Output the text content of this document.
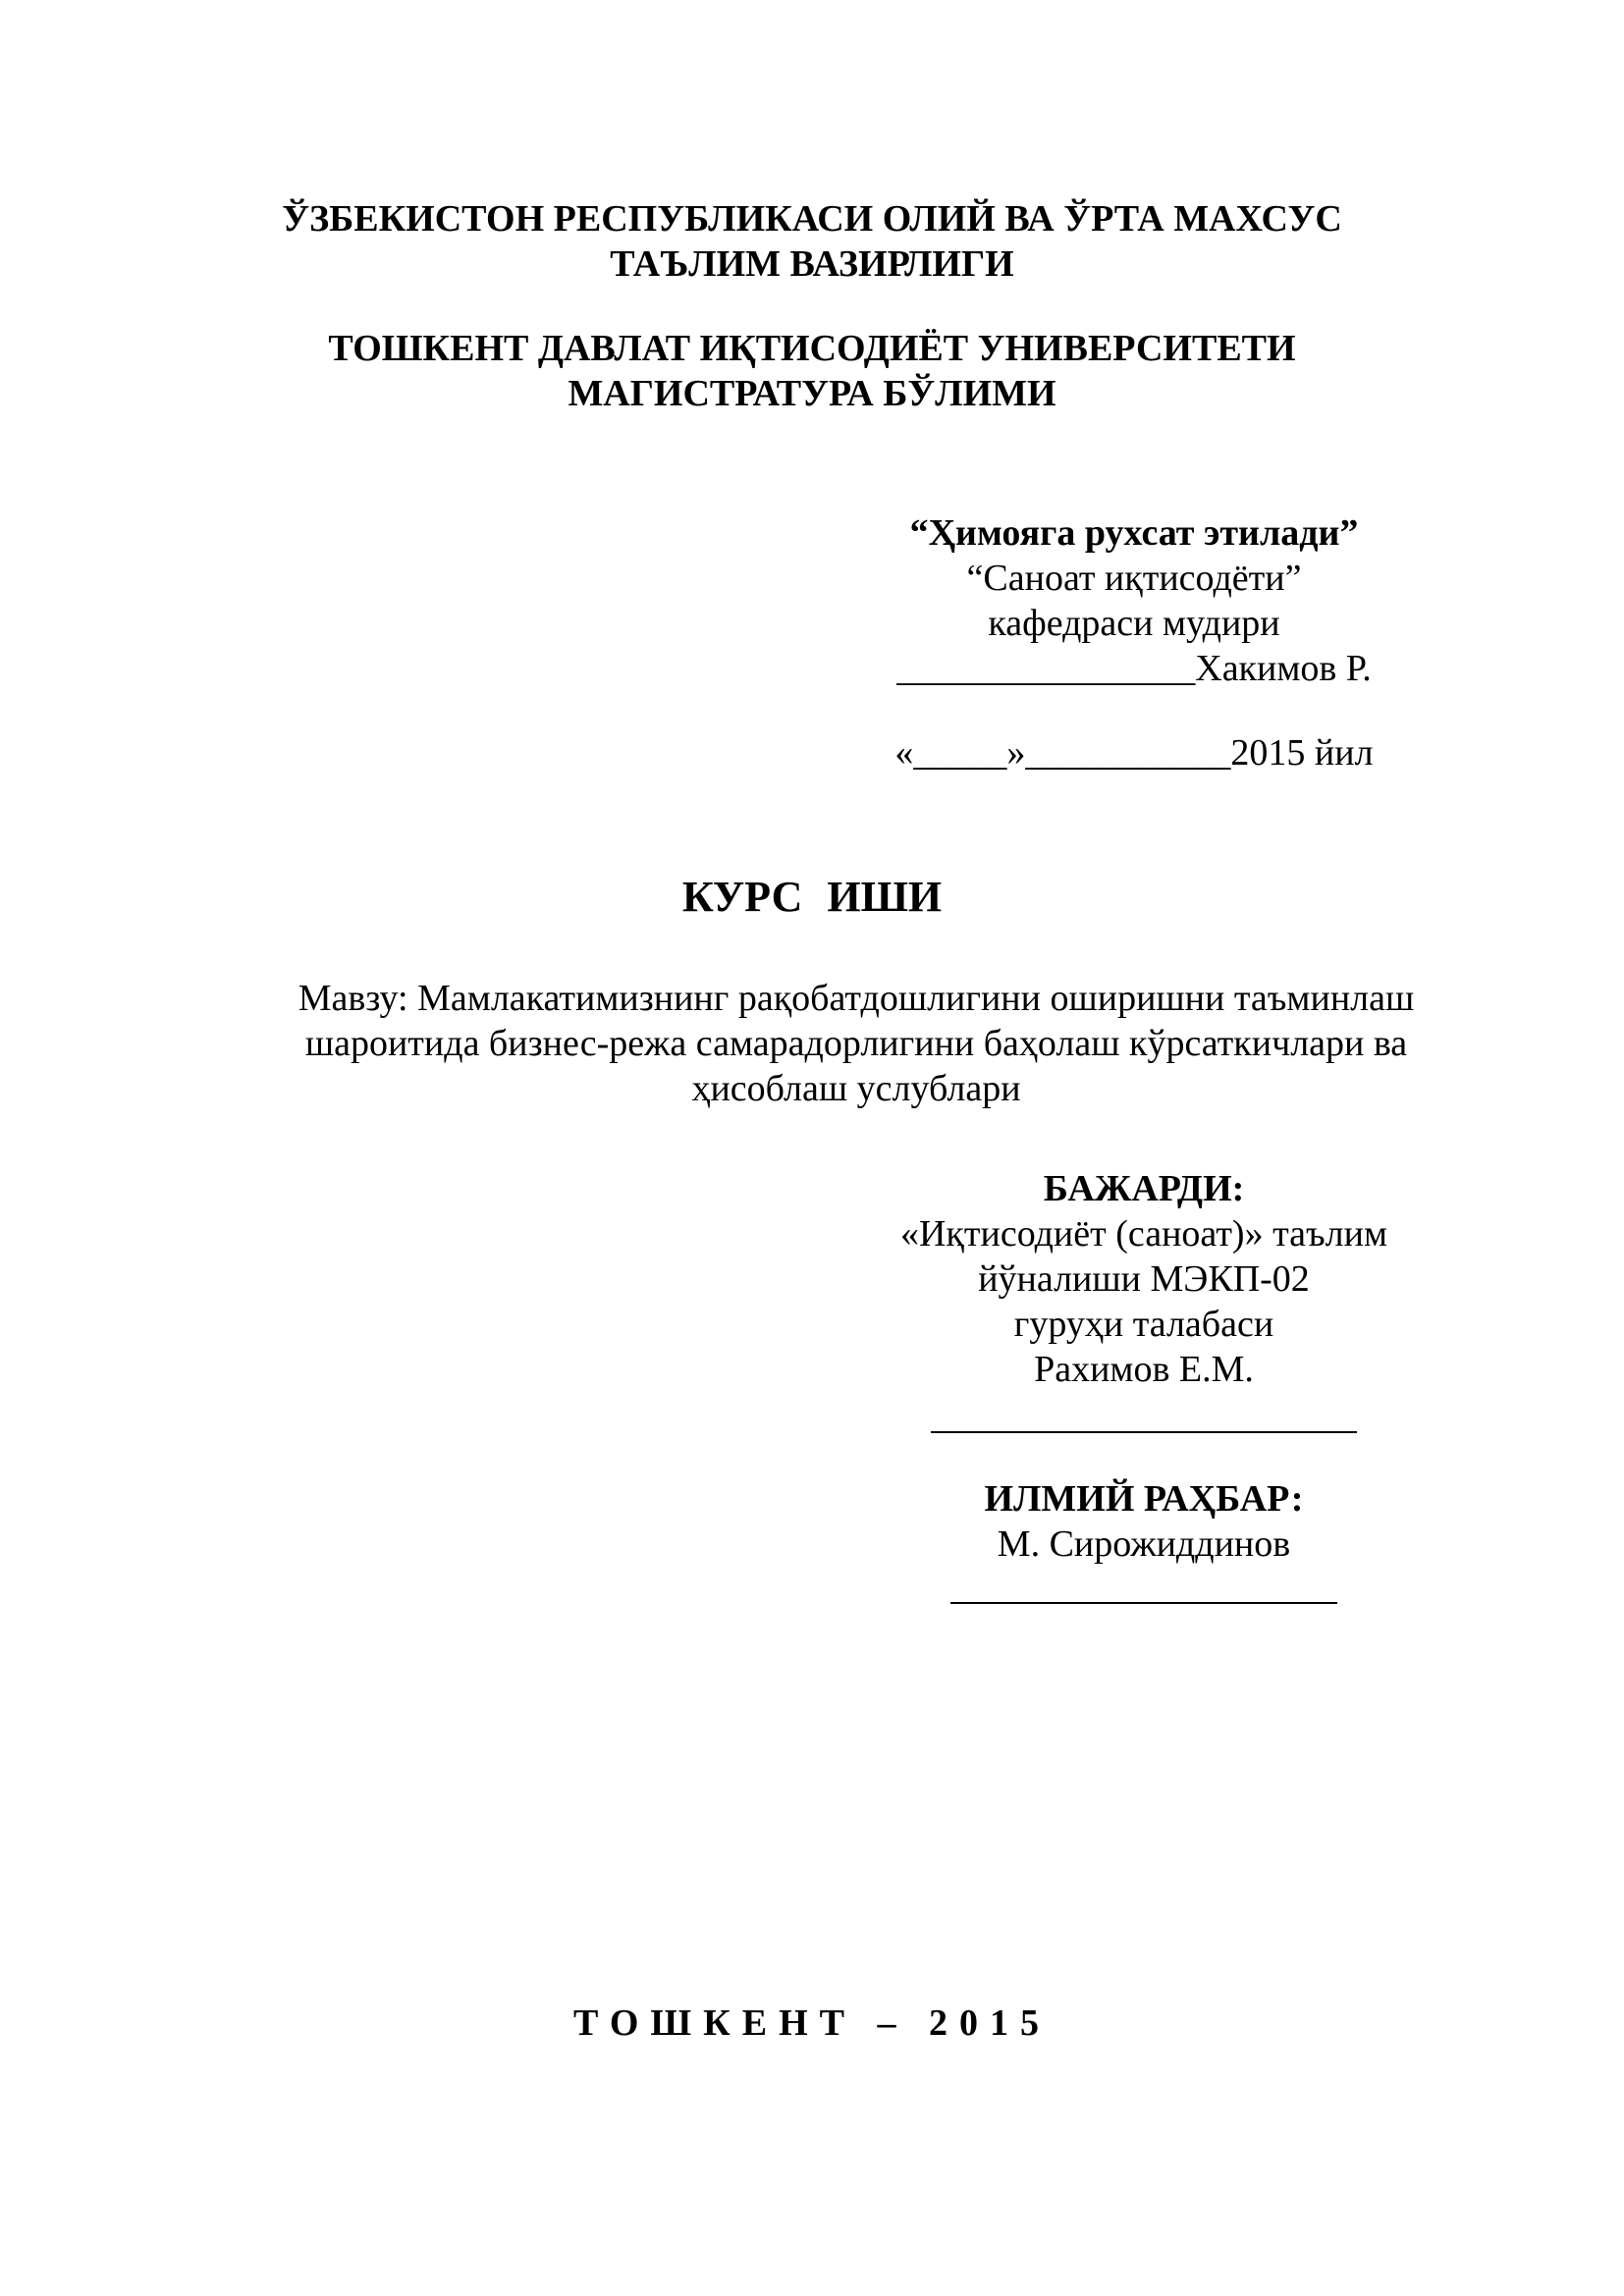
ЎЗБЕКИСТОН РЕСПУБЛИКАСИ ОЛИЙ ВА ЎРТА МАХСУС
ТАЪЛИМ ВАЗИРЛИГИ
ТОШКЕНТ ДАВЛАТ ИҚТИСОДИЁТ УНИВЕРСИТЕТИ
МАГИСТРАТУРА БЎЛИМИ
“Ҳимояга рухсат этилади”
“Саноат иқтисодёти”
кафедраси мудири
________________Хакимов Р.
«_____»___________2015 йил
КУРС ИШИ
Мавзу: Мамлакатимизнинг рақобатдошлигини оширишни таъминлаш
шароитида бизнес-режа самарадорлигини баҳолаш кўрсаткичлари ва
ҳисоблаш услублари
БАЖАРДИ:
«Иқтисодиёт (саноат)» таълим
йўналиши МЭКП-02
гуруҳи талабаси
Рахимов Е.М.
ИЛМИЙ РАҲБАР:
М. Сирожиддинов
ТОШКЕНТ – 2015
